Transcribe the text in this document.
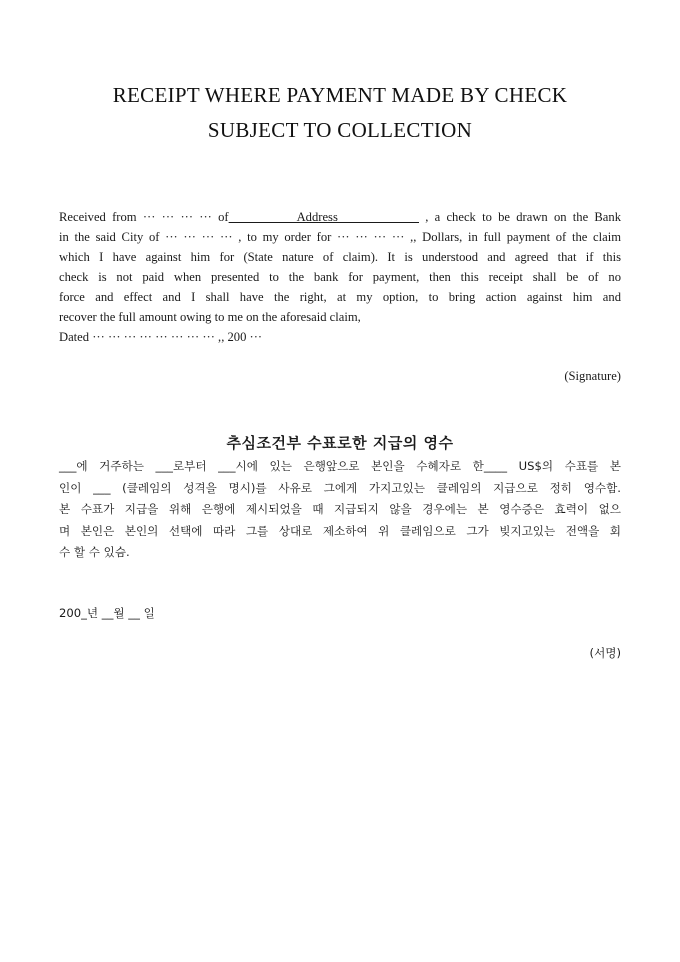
RECEIPT WHERE PAYMENT MADE BY CHECK
SUBJECT TO COLLECTION
Received from ··· ··· ··· ··· of           Address              , a check to be drawn on the Bank
in the said City of ··· ··· ··· ··· , to my order for ··· ··· ··· ··· ,, Dollars, in full payment of the claim
which I have against him for (State nature of claim). It is understood and agreed that if this
check is not paid when presented to the bank for payment, then this receipt shall be of no
force and effect and I shall have the right, at my option, to bring action against him and
recover the full amount owing to me on the aforesaid claim,
Dated ··· ··· ··· ··· ··· ··· ··· ··· ,, 200 ···
(Signature)
추심조건부 수표로한 지급의 영수
___에 거주하는 ___로부터 ___시에 있는 은행앞으로 본인을 수혜자로 한____ US$의 수표를 본
인이 ___ (클레임의 성격을 명시)를 사유로 그에게 가지고있는 클레임의 지급으로 정히 영수함.
본 수표가 지급을 위해 은행에 제시되었을 때 지급되지 않을 경우에는 본 영수증은 효력이 없으
며 본인은 본인의 선택에 따라 그를 상대로 제소하여 위 클레임으로 그가 빚지고있는 전액을 회
수 할 수 있슴.
200_년 __월 __ 일
(서명)
